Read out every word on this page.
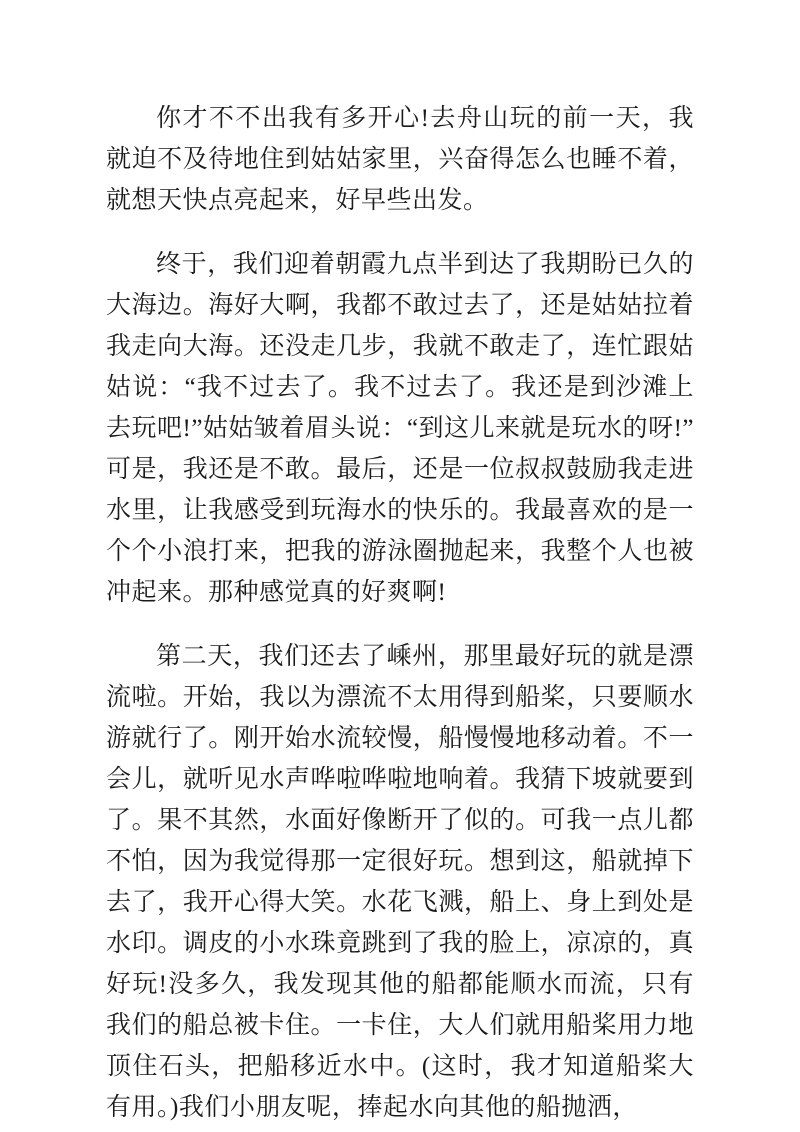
你才不不出我有多开心!去舟山玩的前一天，我就迫不及待地住到姑姑家里，兴奋得怎么也睡不着，就想天快点亮起来，好早些出发。

终于，我们迎着朝霞九点半到达了我期盼已久的大海边。海好大啊，我都不敢过去了，还是姑姑拉着我走向大海。还没走几步，我就不敢走了，连忙跟姑姑说：“我不过去了。我不过去了。我还是到沙滩上去玩吧!”姑姑皱着眉头说：“到这儿来就是玩水的呀!”可是，我还是不敢。最后，还是一位叔叔鼓励我走进水里，让我感受到玩海水的快乐的。我最喜欢的是一个个小浪打来，把我的游泳圈抛起来，我整个人也被冲起来。那种感觉真的好爽啊!

第二天，我们还去了嵊州，那里最好玩的就是漂流啦。开始，我以为漂流不太用得到船桨，只要顺水游就行了。刚开始水流较慢，船慢慢地移动着。不一会儿，就听见水声哗啦哗啦地响着。我猜下坡就要到了。果不其然，水面好像断开了似的。可我一点儿都不怕，因为我觉得那一定很好玩。想到这，船就掉下去了，我开心得大笑。水花飞溅，船上、身上到处是水印。调皮的小水珠竟跳到了我的脸上，凉凉的，真好玩!没多久，我发现其他的船都能顺水而流，只有我们的船总被卡住。一卡住，大人们就用船桨用力地顶住石头，把船移近水中。(这时，我才知道船桨大有用。)我们小朋友呢，捧起水向其他的船抛洒，
